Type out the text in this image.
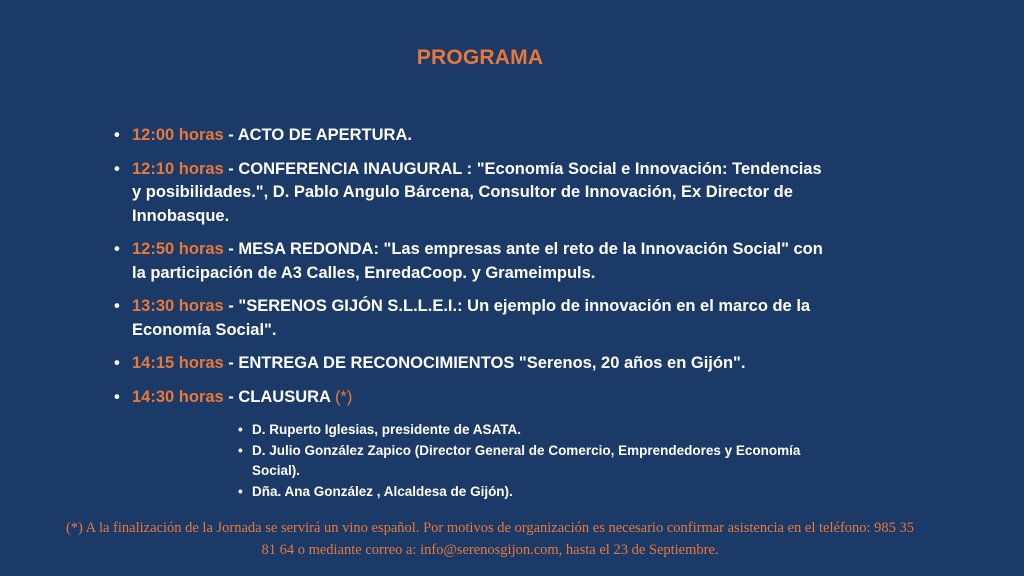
PROGRAMA
• 12:00 horas - ACTO DE APERTURA.
• 12:10 horas - CONFERENCIA INAUGURAL : "Economía Social e Innovación: Tendencias y posibilidades.", D. Pablo Angulo Bárcena, Consultor de Innovación, Ex Director de Innobasque.
• 12:50 horas - MESA REDONDA: "Las empresas ante el reto de la Innovación Social" con la participación de A3 Calles, EnredaCoop. y Grameimpuls.
• 13:30 horas - "SERENOS GIJÓN S.L.L.E.I.: Un ejemplo de innovación en el marco de la Economía Social".
• 14:15 horas - ENTREGA DE RECONOCIMIENTOS "Serenos, 20 años en Gijón".
• 14:30 horas - CLAUSURA (*)
• D. Ruperto Iglesias, presidente de ASATA.
• D. Julio González Zapico (Director General de Comercio, Emprendedores y Economía Social).
• Dña. Ana González , Alcaldesa de Gijón).
(*) A la finalización de la Jornada se servirá un vino español. Por motivos de organización es necesario confirmar asistencia en el teléfono: 985 35 81 64 o mediante correo a: info@serenosgijon.com, hasta el 23 de Septiembre.
